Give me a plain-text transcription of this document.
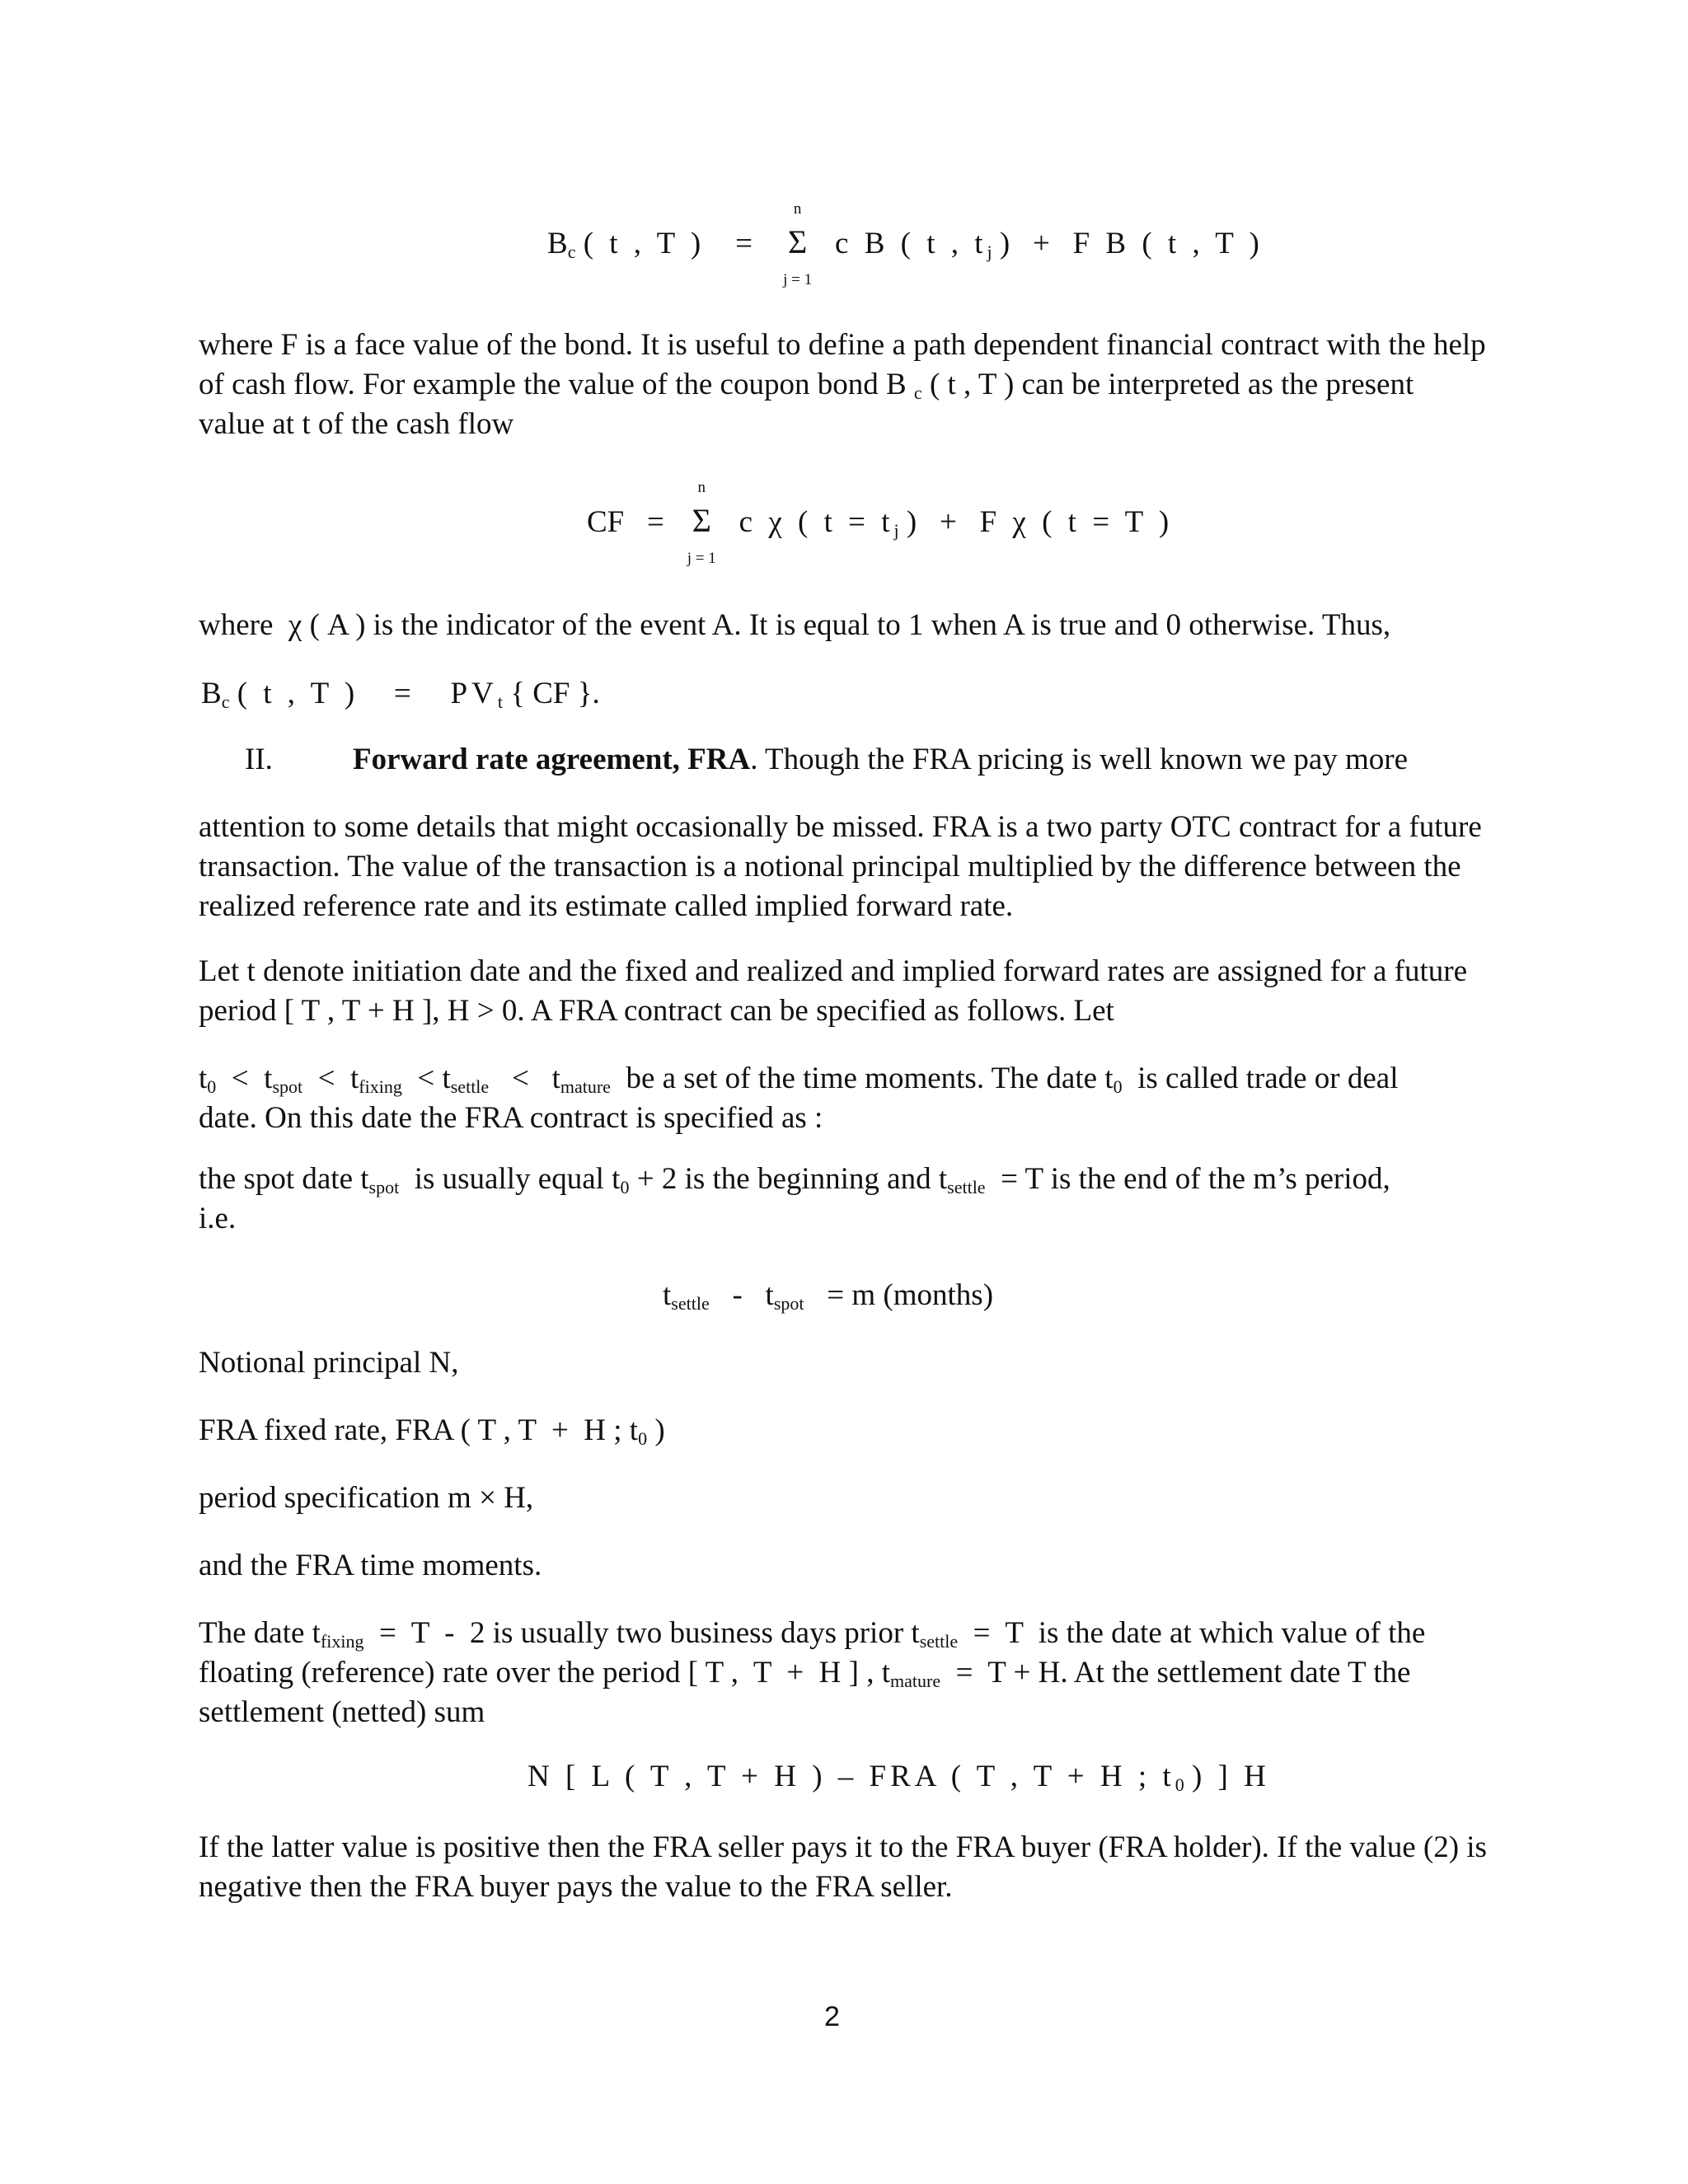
$B_c$ ( t , T ) = Σ
n
j = 1
c B ( t , $t_j$ ) + F B ( t , T )
where F is a face value of the bond. It is useful to define a path dependent financial contract with the help
of cash flow. For example the value of the coupon bond B $_c$ ( t , T ) can be interpreted as the present
value at t of the cash flow
CF = Σ
n
j = 1
c χ ( $t = t_j$ ) + F χ ( t = T )
where χ ( A ) is the indicator of the event A. It is equal to 1 when A is true and 0 otherwise. Thus,
$B_c$ ( t , T )   =   $PV_t$ { CF }.
II.	Forward rate agreement, FRA. Though the FRA pricing is well known we pay more
attention to some details that might occasionally be missed. FRA is a two party OTC contract for a future transaction. The value of the transaction is a notional principal multiplied by the difference between the realized reference rate and its estimate called implied forward rate.
Let t denote initiation date and the fixed and realized and implied forward rates are assigned for a future period [ T , T + H ], H > 0. A FRA contract can be specified as follows. Let
$t_0 < t_{spot} < t_{fixing} < t_{settle} < t_{mature}$ be a set of the time moments. The date $t_0$ is called trade or deal
date. On this date the FRA contract is specified as :
the spot date $t_{spot}$ is usually equal $t_0 + 2$ is the beginning and $t_{settle} = T$ is the end of the m’s period,
i.e.
$t_{settle} - t_{spot} = m$ (months)
Notional principal N,
FRA fixed rate, FRA ( T , T  +  H ; $t_0$ )
period specification m × H,
and the FRA time moments.
The date $t_{fixing} = T - 2$ is usually two business days prior $t_{settle} = T$  is the date at which value of the
floating (reference) rate over the period [ T ,  T  +  H ] , $t_{mature} = T + H$. At the settlement date T the
settlement (netted) sum
N [ L ( T , T + H ) – FRA ( T , T + H ; $t_0$ ) ] H
If the latter value is positive then the FRA seller pays it to the FRA buyer (FRA holder). If the value (2) is negative then the FRA buyer pays the value to the FRA seller.
2
